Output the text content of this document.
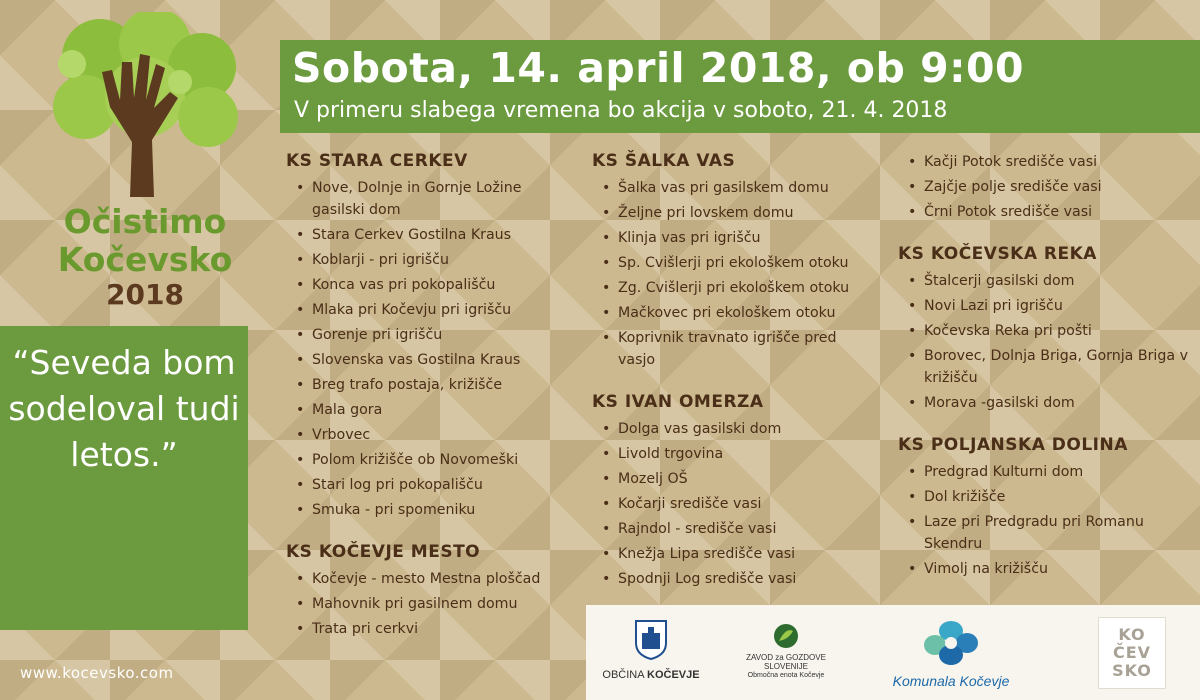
Očistimo
Kočevsko
2018
Sobota, 14. april 2018, ob 9:00
V primeru slabega vremena bo akcija v soboto, 21. 4. 2018
“Seveda bom sodeloval tudi letos.”
www.kocevsko.com
KS STARA CERKEV
• Nove, Dolnje in Gornje Ložine gasilski dom
• Stara Cerkev Gostilna Kraus
• Koblarji - pri igrišču
• Konca vas pri pokopališču
• Mlaka pri Kočevju pri igrišču
• Gorenje pri igrišču
• Slovenska vas Gostilna Kraus
• Breg trafo postaja, križišče
• Mala gora
• Vrbovec
• Polom križišče ob Novomeški
• Stari log pri pokopališču
• Smuka - pri spomeniku
KS KOČEVJE MESTO
• Kočevje - mesto Mestna ploščad
• Mahovnik pri gasilnem domu
• Trata pri cerkvi
KS ŠALKA VAS
• Šalka vas pri gasilskem domu
• Željne pri lovskem domu
• Klinja vas pri igrišču
• Sp. Cvišlerji pri ekološkem otoku
• Zg. Cvišlerji pri ekološkem otoku
• Mačkovec pri ekološkem otoku
• Koprivnik travnato igrišče pred vasjo
KS IVAN OMERZA
• Dolga vas gasilski dom
• Livold trgovina
• Mozelj OŠ
• Kočarji središče vasi
• Rajndol - središče vasi
• Knežja Lipa središče vasi
• Spodnji Log središče vasi
• Kačji Potok središče vasi
• Zajčje polje središče vasi
• Črni Potok središče vasi
KS KOČEVSKA REKA
• Štalcerji gasilski dom
• Novi Lazi pri igrišču
• Kočevska Reka pri pošti
• Borovec, Dolnja Briga, Gornja Briga v križišču
• Morava -gasilski dom
KS POLJANSKA DOLINA
• Predgrad Kulturni dom
• Dol križišče
• Laze pri Predgradu pri Romanu Skendru
• Vimolj na križišču
OBČINA KOČEVJE
ZAVOD za GOZDOVE
SLOVENIJE
Območna enota Kočevje	Komunala Kočevje
KO
ČEV
SKO
